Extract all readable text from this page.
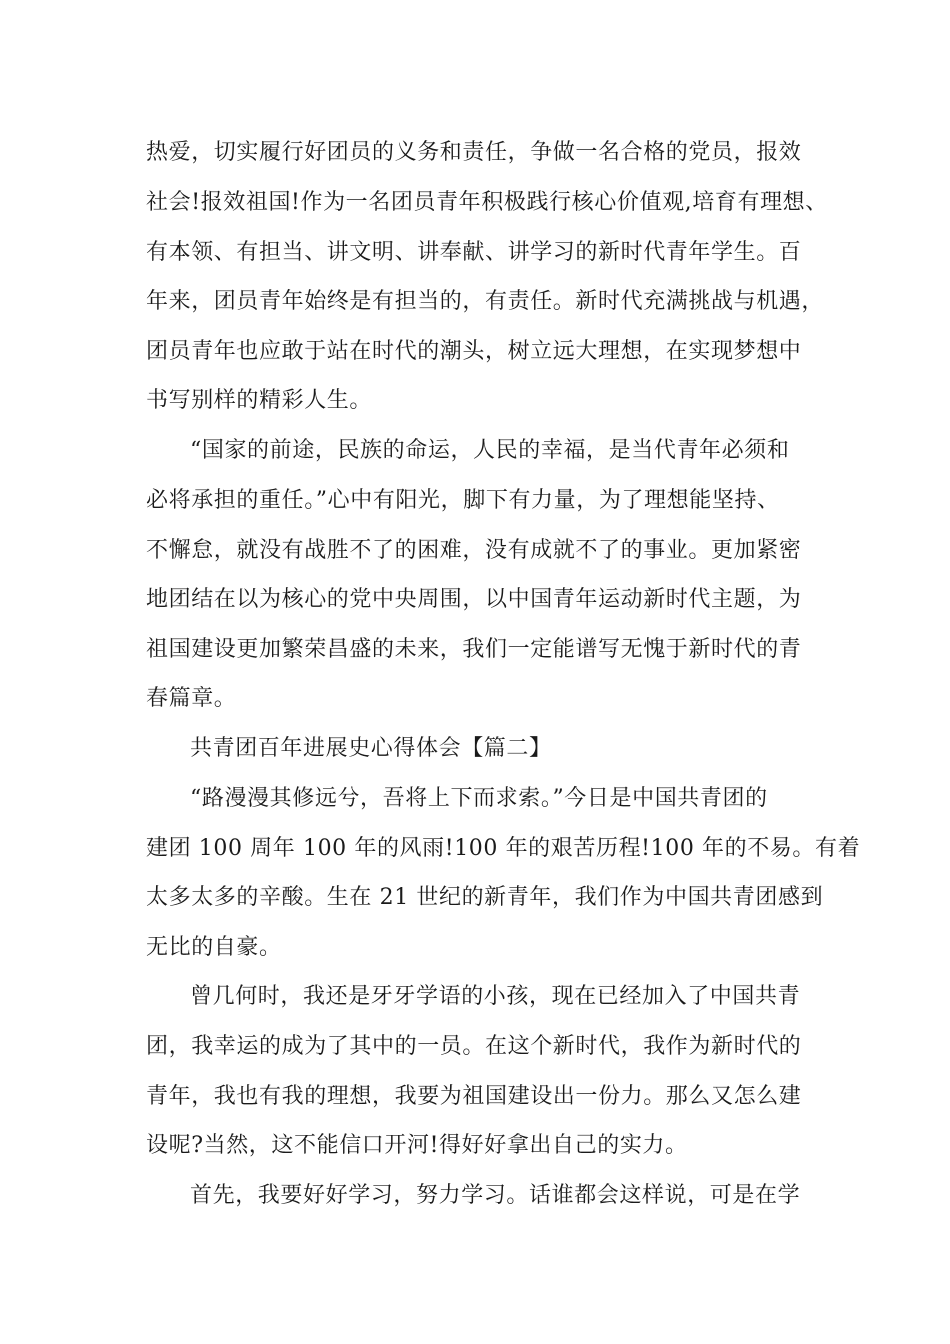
热爱，切实履行好团员的义务和责任，争做一名合格的党员，报效
社会!报效祖国!作为一名团员青年积极践行核心价值观,培育有理想、
有本领、有担当、讲文明、讲奉献、讲学习的新时代青年学生。百
年来，团员青年始终是有担当的，有责任。新时代充满挑战与机遇，
团员青年也应敢于站在时代的潮头，树立远大理想，在实现梦想中
书写别样的精彩人生。
“国家的前途，民族的命运，人民的幸福，是当代青年必须和
必将承担的重任。”心中有阳光，脚下有力量，为了理想能坚持、
不懈怠，就没有战胜不了的困难，没有成就不了的事业。更加紧密
地团结在以为核心的党中央周围，以中国青年运动新时代主题，为
祖国建设更加繁荣昌盛的未来，我们一定能谱写无愧于新时代的青
春篇章。
共青团百年进展史心得体会【篇二】
“路漫漫其修远兮，吾将上下而求索。”今日是中国共青团的
建团 100 周年 100 年的风雨!100 年的艰苦历程!100 年的不易。有着
太多太多的辛酸。生在 21 世纪的新青年，我们作为中国共青团感到
无比的自豪。
曾几何时，我还是牙牙学语的小孩，现在已经加入了中国共青
团，我幸运的成为了其中的一员。在这个新时代，我作为新时代的
青年，我也有我的理想，我要为祖国建设出一份力。那么又怎么建
设呢?当然，这不能信口开河!得好好拿出自己的实力。
首先，我要好好学习，努力学习。话谁都会这样说，可是在学
